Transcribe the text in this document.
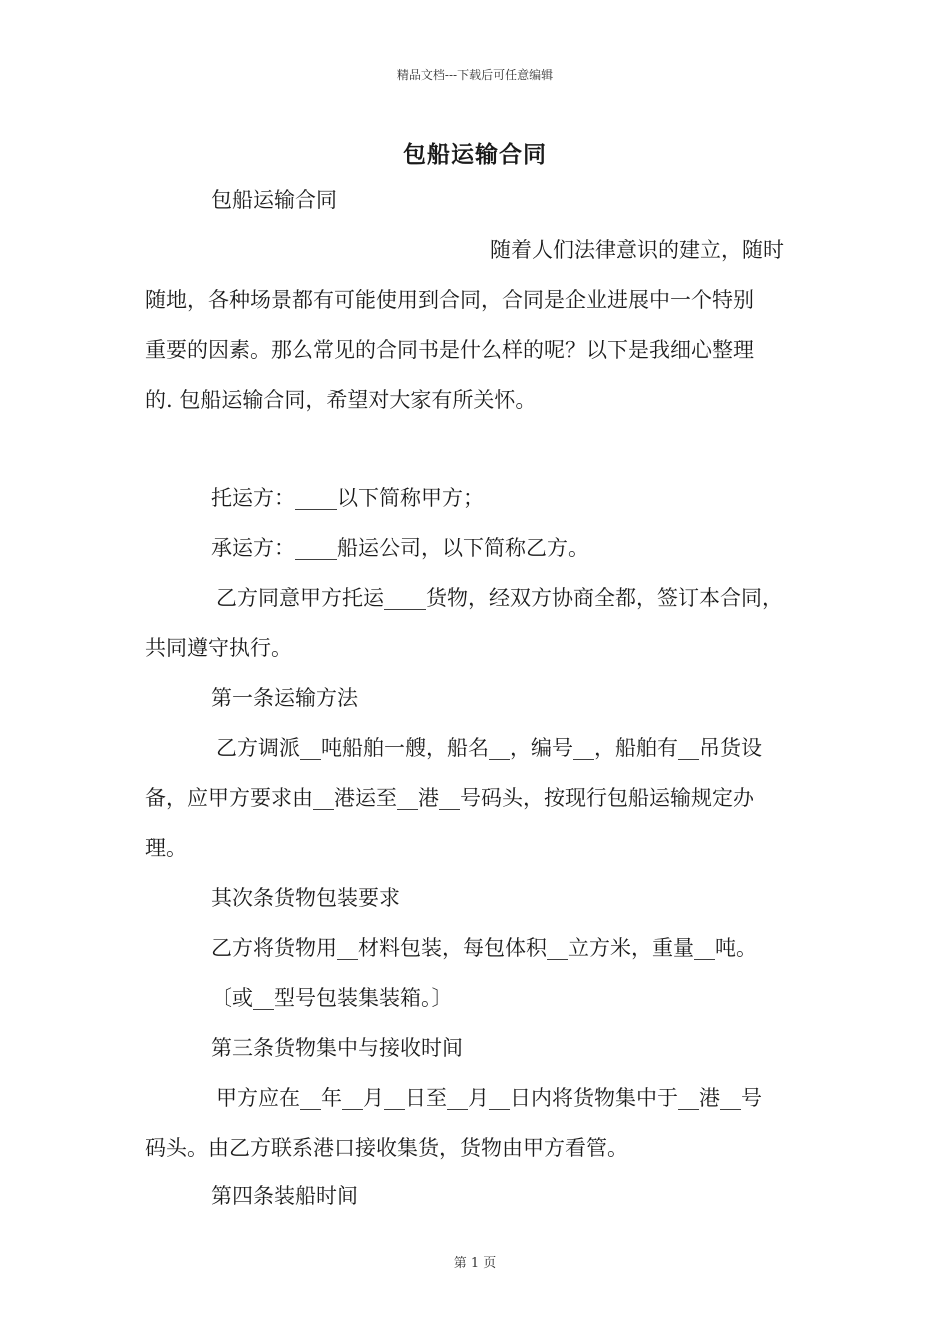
精品文档---下载后可任意编辑
包船运输合同
包船运输合同
随着人们法律意识的建立，随时
随地，各种场景都有可能使用到合同，合同是企业进展中一个特别
重要的因素。那么常见的合同书是什么样的呢？以下是我细心整理
的. 包船运输合同，希望对大家有所关怀。
托运方：____以下简称甲方；
承运方：____船运公司，以下简称乙方。
乙方同意甲方托运____货物，经双方协商全都，签订本合同，
共同遵守执行。
第一条运输方法
乙方调派__吨船舶一艘，船名__，编号__，船舶有__吊货设
备，应甲方要求由__港运至__港__号码头，按现行包船运输规定办
理。
其次条货物包装要求
乙方将货物用__材料包装，每包体积__立方米，重量__吨。
〔或__型号包装集装箱。〕
第三条货物集中与接收时间
甲方应在__年__月__日至__月__日内将货物集中于__港__号
码头。由乙方联系港口接收集货，货物由甲方看管。
第四条装船时间
第 1 页
